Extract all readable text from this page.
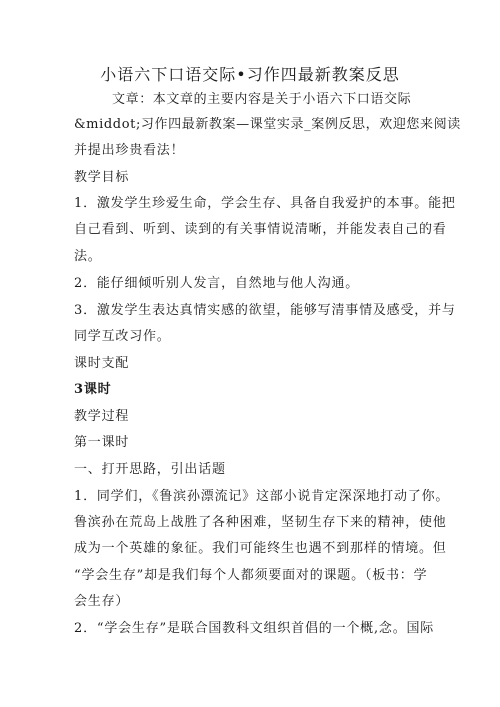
小语六下口语交际•习作四最新教案反思
文章：本文章的主要内容是关于小语六下口语交际
&middot;习作四最新教案—课堂实录_案例反思，欢迎您来阅读
并提出珍贵看法！
教学目标
1．激发学生珍爱生命，学会生存、具备自我爱护的本事。能把
自己看到、听到、读到的有关事情说清晰，并能发表自己的看
法。
2．能仔细倾听别人发言，自然地与他人沟通。
3．激发学生表达真情实感的欲望，能够写清事情及感受，并与
同学互改习作。
课时支配
3课时
教学过程
第一课时
一、打开思路，引出话题
1．同学们，《鲁滨孙漂流记》这部小说肯定深深地打动了你。
鲁滨孙在荒岛上战胜了各种困难，坚韧生存下来的精神，使他
成为一个英雄的象征。我们可能终生也遇不到那样的情境。但
“学会生存”却是我们每个人都须要面对的课题。（板书：学
会生存）
2．“学会生存”是联合国教科文组织首倡的一个概,念。国际
